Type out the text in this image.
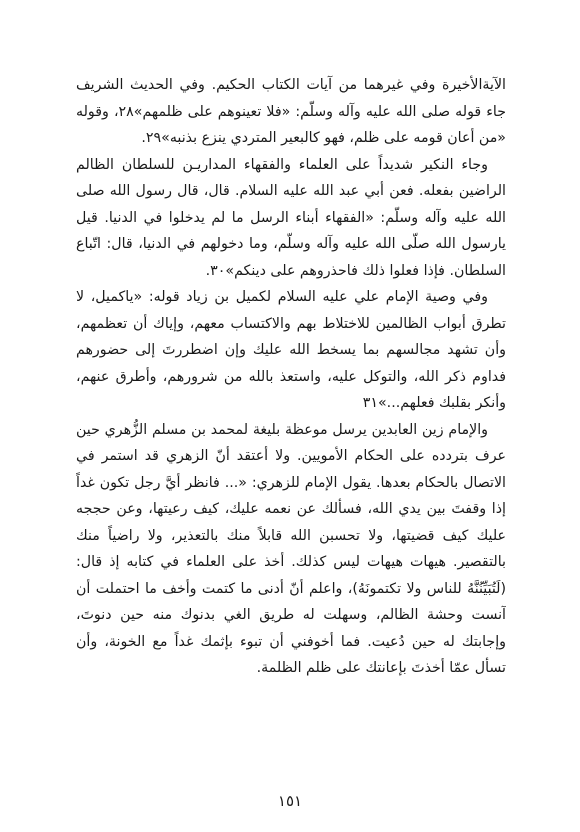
الآيةالأخيرة وفي غيرهما من آيات الكتاب الحكيم. وفي الحديث الشريف جاء قوله صلى الله عليه وآله وسلّم: «فلا تعينوهم على ظلمهم»٢٨، وقوله «من أعان قومه على ظلم، فهو كالبعير المتردي ينزع بذنبه»٢٩.

وجاء النكير شديداً على العلماء والفقهاء المداريـن للسلطان الظالم الراضين بفعله. فعن أبي عبد الله عليه السلام. قال، قال رسول الله صلى الله عليه وآله وسلّم: «الفقهاء أبناء الرسل ما لم يدخلوا في الدنيا. قيل يارسول الله صلّى الله عليه وآله وسلّم، وما دخولهم في الدنيا، قال: اتّباع السلطان. فإذا فعلوا ذلك فاحذروهم على دينكم»٣٠.

وفي وصية الإمام علي عليه السلام لكميل بن زياد قوله: «ياكميل، لا تطرق أبواب الظالمين للاختلاط بهم والاكتساب معهم، وإياك أن تعظمهم، وأن تشهد مجالسهم بما يسخط الله عليك وإن اضطررتَ إلى حضورهم فداوم ذكر الله، والتوكل عليه، واستعذ بالله من شرورهم، وأطرق عنهم، وأنكر بقلبك فعلهم...»٣١

والإمام زين العابدين يرسل موعظة بليغة لمحمد بن مسلم الزُّهري حين عرف بتردده على الحكام الأمويين. ولا أعتقد أنّ الزهري قد استمر في الاتصال بالحكام بعدها. يقول الإمام للزهري: «... فانظر أيَّ رجل تكون غداً إذا وقفتَ بين يدي الله، فسألك عن نعمه عليك، كيف رعيتها، وعن حججه عليك كيف قضيتها، ولا تحسبن الله قابلاً منك بالتعذير، ولا راضياً منك بالتقصير. هيهات هيهات ليس كذلك. أخذ على العلماء في كتابه إذ قال: (لَتُبَيِّنُنَّهُ للناس ولا تكتمونَهُ)، واعلم أنّ أدنى ما كتمت وأخف ما احتملت أن آنست وحشة الظالم، وسهلت له طريق الغي بدنوك منه حين دنوتَ، وإجابتك له حين دُعيت. فما أخوفني أن تبوء بإثمك غداً مع الخونة، وأن تسأل عمّا أخذتَ بإعانتك على ظلم الظلمة.

١٥١
